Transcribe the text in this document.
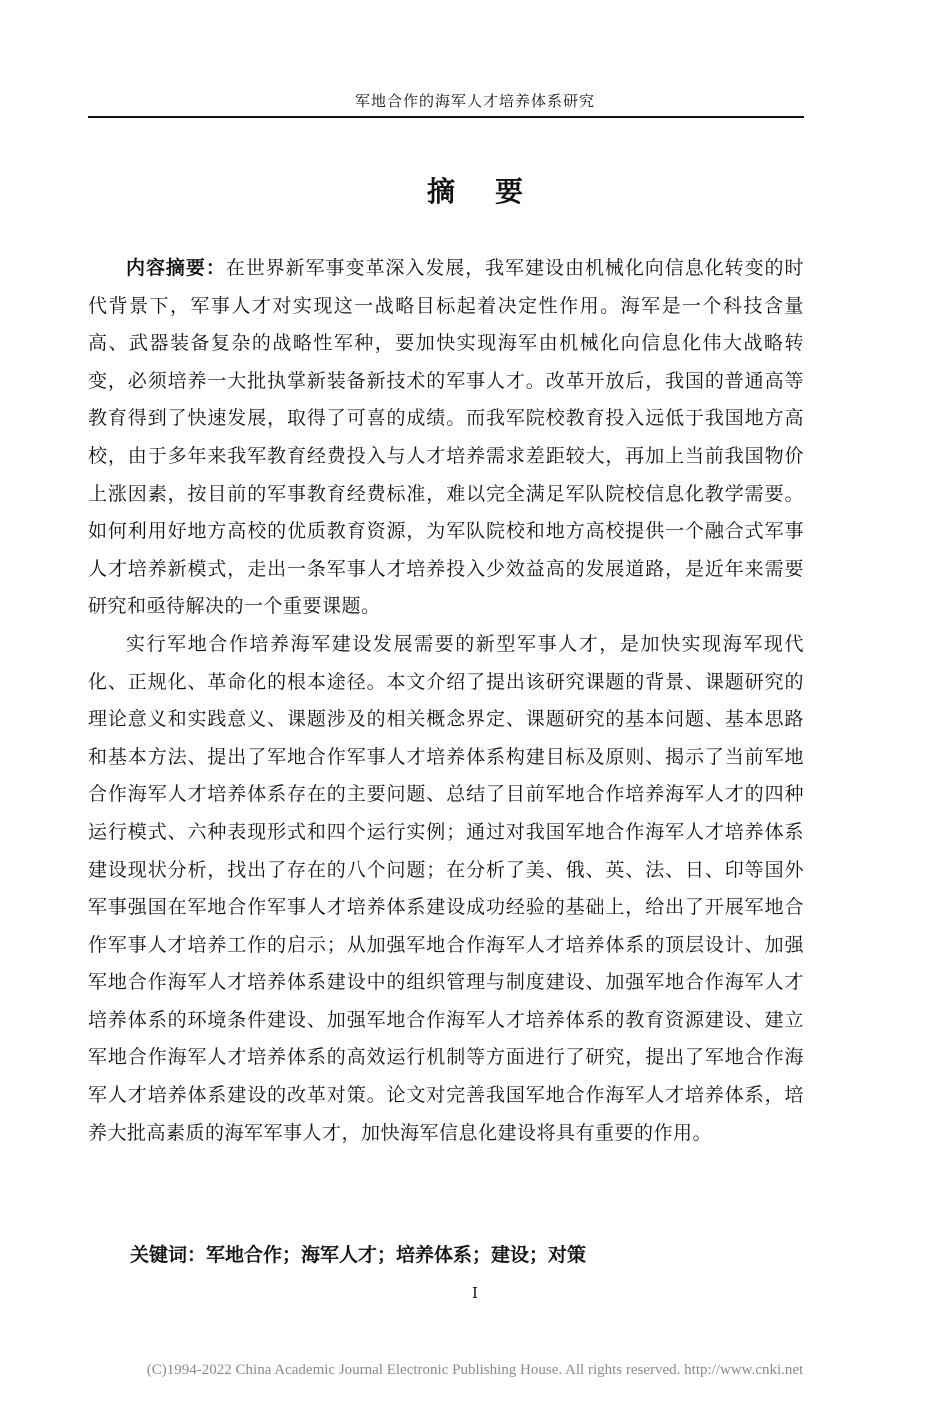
军地合作的海军人才培养体系研究
摘要

内容摘要：在世界新军事变革深入发展，我军建设由机械化向信息化转变的时代背景下，军事人才对实现这一战略目标起着决定性作用。海军是一个科技含量高、武器装备复杂的战略性军种，要加快实现海军由机械化向信息化伟大战略转变，必须培养一大批执掌新装备新技术的军事人才。改革开放后，我国的普通高等教育得到了快速发展，取得了可喜的成绩。而我军院校教育投入远低于我国地方高校，由于多年来我军教育经费投入与人才培养需求差距较大，再加上当前我国物价上涨因素，按目前的军事教育经费标准，难以完全满足军队院校信息化教学需要。如何利用好地方高校的优质教育资源，为军队院校和地方高校提供一个融合式军事人才培养新模式，走出一条军事人才培养投入少效益高的发展道路，是近年来需要研究和亟待解决的一个重要课题。

实行军地合作培养海军建设发展需要的新型军事人才，是加快实现海军现代化、正规化、革命化的根本途径。本文介绍了提出该研究课题的背景、课题研究的理论意义和实践意义、课题涉及的相关概念界定、课题研究的基本问题、基本思路和基本方法、提出了军地合作军事人才培养体系构建目标及原则、揭示了当前军地合作海军人才培养体系存在的主要问题、总结了目前军地合作培养海军人才的四种运行模式、六种表现形式和四个运行实例；通过对我国军地合作海军人才培养体系建设现状分析，找出了存在的八个问题；在分析了美、俄、英、法、日、印等国外军事强国在军地合作军事人才培养体系建设成功经验的基础上，给出了开展军地合作军事人才培养工作的启示；从加强军地合作海军人才培养体系的顶层设计、加强军地合作海军人才培养体系建设中的组织管理与制度建设、加强军地合作海军人才培养体系的环境条件建设、加强军地合作海军人才培养体系的教育资源建设、建立军地合作海军人才培养体系的高效运行机制等方面进行了研究，提出了军地合作海军人才培养体系建设的改革对策。论文对完善我国军地合作海军人才培养体系，培养大批高素质的海军军事人才，加快海军信息化建设将具有重要的作用。

关键词：军地合作；海军人才；培养体系；建设；对策
I
(C)1994-2022 China Academic Journal Electronic Publishing House. All rights reserved. http://www.cnki.net
